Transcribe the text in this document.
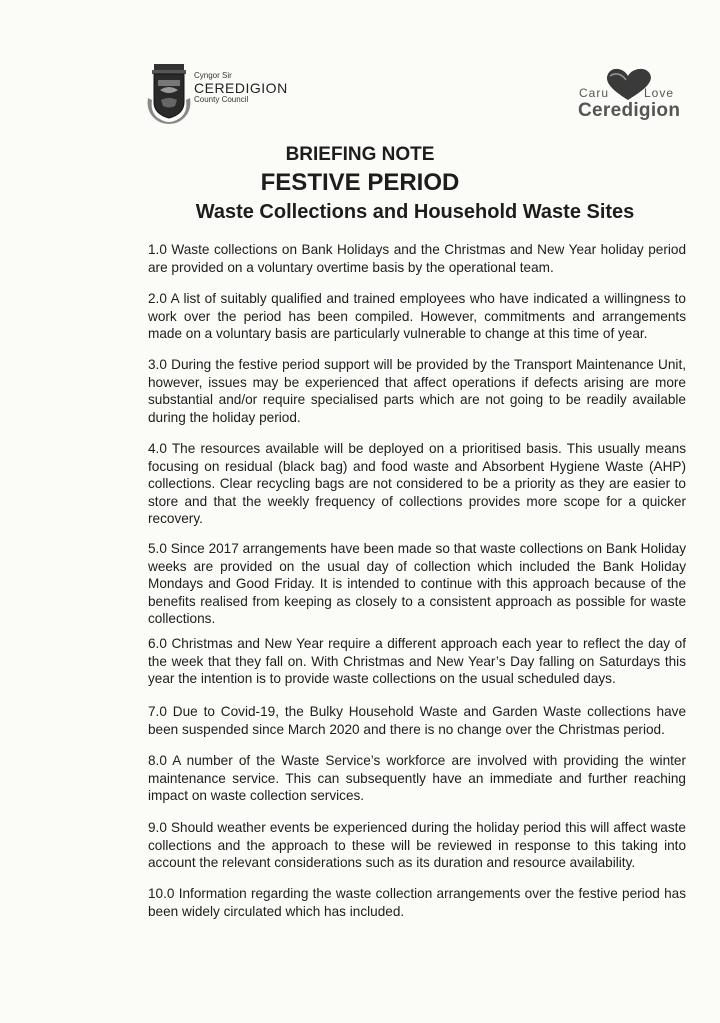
Cyngor Sir
CEREDIGION
County Council	Caru	Love
Ceredigion
BRIEFING NOTE
FESTIVE PERIOD
Waste Collections and Household Waste Sites

1.0 Waste collections on Bank Holidays and the Christmas and New Year holiday period are provided on a voluntary overtime basis by the operational team.

2.0 A list of suitably qualified and trained employees who have indicated a willingness to work over the period has been compiled. However, commitments and arrangements made on a voluntary basis are particularly vulnerable to change at this time of year.

3.0 During the festive period support will be provided by the Transport Maintenance Unit, however, issues may be experienced that affect operations if defects arising are more substantial and/or require specialised parts which are not going to be readily available during the holiday period.

4.0 The resources available will be deployed on a prioritised basis. This usually means focusing on residual (black bag) and food waste and Absorbent Hygiene Waste (AHP) collections. Clear recycling bags are not considered to be a priority as they are easier to store and that the weekly frequency of collections provides more scope for a quicker recovery.

5.0 Since 2017 arrangements have been made so that waste collections on Bank Holiday weeks are provided on the usual day of collection which included the Bank Holiday Mondays and Good Friday. It is intended to continue with this approach because of the benefits realised from keeping as closely to a consistent approach as possible for waste collections.

6.0 Christmas and New Year require a different approach each year to reflect the day of the week that they fall on. With Christmas and New Year’s Day falling on Saturdays this year the intention is to provide waste collections on the usual scheduled days.

7.0 Due to Covid-19, the Bulky Household Waste and Garden Waste collections have been suspended since March 2020 and there is no change over the Christmas period.

8.0 A number of the Waste Service’s workforce are involved with providing the winter maintenance service. This can subsequently have an immediate and further reaching impact on waste collection services.

9.0 Should weather events be experienced during the holiday period this will affect waste collections and the approach to these will be reviewed in response to this taking into account the relevant considerations such as its duration and resource availability.

10.0 Information regarding the waste collection arrangements over the festive period has been widely circulated which has included.
